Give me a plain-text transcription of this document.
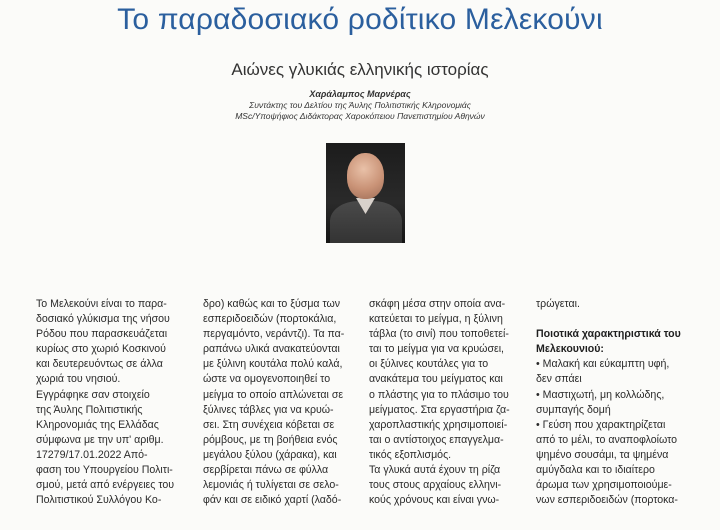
Το παραδοσιακό ροδίτικο Μελεκούνι
Αιώνες γλυκιάς ελληνικής ιστορίας
Χαράλαμπος Μαρνέρας
Συντάκτης του Δελτίου της Άυλης Πολιτιστικής Κληρονομιάς
MSc/Υποψήφιος Διδάκτορας Χαροκόπειου Πανεπιστημίου Αθηνών

Το Μελεκούνι είναι το παρα-

δοσιακό γλύκισμα της νήσου

Ρόδου που παρασκευάζεται

κυρίως στο χωριό Κοσκινού

και δευτερευόντως σε άλλα

χωριά του νησιού.

Εγγράφηκε σαν στοιχείο

της Άυλης Πολιτιστικής

Κληρονομιάς της Ελλάδας

σύμφωνα με την υπ' αριθμ.

17279/17.01.2022 Από-

φαση του Υπουργείου Πολιτι-

σμού, μετά από ενέργειες του

Πολιτιστικού Συλλόγου Κο-

δρο) καθώς και το ξύσμα των

εσπεριδοειδών (πορτοκάλια,

περγαμόντο, νεράντζι). Τα πα-

ραπάνω υλικά ανακατεύονται

με ξύλινη κουτάλα πολύ καλά,

ώστε να ομογενοποιηθεί το

μείγμα το οποίο απλώνεται σε

ξύλινες τάβλες για να κρυώ-

σει. Στη συνέχεια κόβεται σε

ρόμβους, με τη βοήθεια ενός

μεγάλου ξύλου (χάρακα), και

σερβίρεται πάνω σε φύλλα

λεμονιάς ή τυλίγεται σε σελο-

φάν και σε ειδικό χαρτί (λαδό-

σκάφη μέσα στην οποία ανα-

κατεύεται το μείγμα, η ξύλινη

τάβλα (το σινί) που τοποθετεί-

ται το μείγμα για να κρυώσει,

οι ξύλινες κουτάλες για το

ανακάτεμα του μείγματος και

ο πλάστης για το πλάσιμο του

μείγματος. Στα εργαστήρια ζα-

χαροπλαστικής χρησιμοποιεί-

ται ο αντίστοιχος επαγγελμα-

τικός εξοπλισμός.

Τα γλυκά αυτά έχουν τη ρίζα

τους στους αρχαίους ελληνι-

κούς χρόνους και είναι γνω-

τρώγεται.

Ποιοτικά χαρακτηριστικά του

Μελεκουνιού:

• Μαλακή και εύκαμπτη υφή,

δεν σπάει

• Μαστιχωτή, μη κολλώδης,

συμπαγής δομή

• Γεύση που χαρακτηρίζεται

από το μέλι, το αναποφλοίωτο

ψημένο σουσάμι, τα ψημένα

αμύγδαλα και το ιδιαίτερο

άρωμα των χρησιμοποιούμε-

νων εσπεριδοειδών (πορτοκα-
